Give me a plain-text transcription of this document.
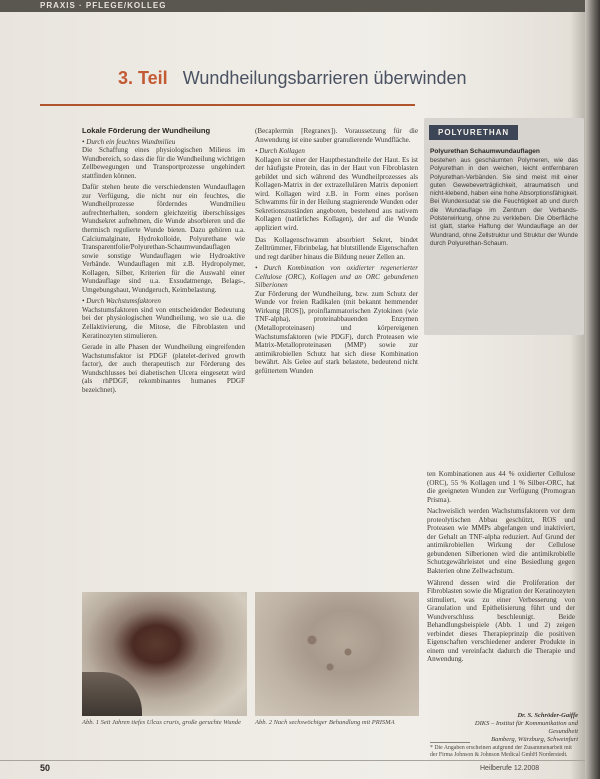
PRAXIS · PFLEGE/KOLLEG
3. Teil Wundheilungsbarrieren überwinden
Lokale Förderung der Wundheilung

• Durch ein feuchtes Wundmilieu
Die Schaffung eines physiologischen Milieus im Wundbereich, so dass die für die Wundheilung wichtigen Zellbewegungen und Transportprozesse ungehindert stattfinden können.

Dafür stehen heute die verschiedensten Wundauflagen zur Verfügung, die nicht nur ein feuchtes, die Wundheilprozesse förderndes Wundmilieu aufrechterhalten, sondern gleichzeitig überschüssiges Wundsekret aufnehmen, die Wunde absorbieren und die thermisch regulierte Wunde bieten. Dazu gehören u.a. Calciumalginate, Hydrokolloide, Polyurethane wie Transparentfolie/Polyurethan-Schaumwundauflagen sowie sonstige Wundauflagen wie Hydroaktive Verbände. Wundauflagen mit z.B. Hydropolymer, Kollagen, Silber, Kriterien für die Auswahl einer Wundauflage sind u.a. Exsudatmenge, Belags-, Umgebungshaut, Wundgeruch, Keimbelastung.

• Durch Wachstumsfaktoren
Wachstumsfaktoren sind von entscheidender Bedeutung bei der physiologischen Wundheilung, wo sie u.a. die Zellaktivierung, die Mitose, die Fibroblasten und Keratinozyten stimulieren.

Gerade in alle Phasen der Wundheilung eingreifenden Wachstumsfaktor ist PDGF (platelet-derived growth factor), der auch therapeutisch zur Förderung des Wundschlusses bei diabetischen Ulcera eingesetzt wird (als rhPDGF, rekombinantes humanes PDGF bezeichnet).

(Becaplermin [Regranex]). Voraussetzung für die Anwendung ist eine sauber granulierende Wundfläche.

• Durch Kollagen
Kollagen ist einer der Hauptbestandteile der Haut. Es ist der häufigste Protein, das in der Haut von Fibroblasten gebildet und sich während des Wundheilprozesses als Kollagen-Matrix in der extrazellulären Matrix deponiert wird. Kollagen wird z.B. in Form eines porösen Schwamms für in der Heilung stagnierende Wunden oder Sekretionszuständen angeboten, bestehend aus nativem Kollagen (natürliches Kollagen), der auf die Wunde appliziert wird.

Das Kollagenschwamm absorbiert Sekret, bindet Zelltrümmer, Fibrinbelag, hat blutstillende Eigenschaften und regt darüber hinaus die Bildung neuer Zellen an.

• Durch Kombination von oxidierter regenerierter Cellulose (ORC), Kollagen und an ORC gebundenen Silberionen
Zur Förderung der Wundheilung, bzw. zum Schutz der Wunde vor freien Radikalen (mit bekannt hemmender Wirkung [ROS]), proinflammatorischen Zytokinen (wie TNF-alpha), proteinabbauenden Enzymen (Metalloproteinasen) und körpereigenen Wachstumsfaktoren (wie PDGF), durch Proteasen wie Matrix-Metalloproteinasen (MMP) sowie zur antimikrobiellen Schutz hat sich diese Kombination bewährt. Als Gelee auf stark belastete, bedeutend nicht gefüttertem Wunden

POLYURETHAN
Polyurethan Schaumwundauflagen
bestehen aus geschäumten Polymeren, wie das Polyurethan in den weichen, leicht entfernbaren Polyurethan-Verbänden. Sie sind meist mit einer guten Gewebeverträglichkeit, atraumatisch und nicht-klebend, haben eine hohe Absorptionsfähigkeit. Bei Wundexsudat sie die Feuchtigkeit ab und durch die Wundauflage im Zentrum der Verbands-Polsterwirkung, ohne zu verkleben. Die Oberfläche ist glatt, starke Haftung der Wundauflage an der Wundrand, ohne Zellstruktur und Struktur der Wunde durch Polyurethan-Schaum.

ten Kombinationen aus 44 % oxidierter Cellulose (ORC), 55 % Kollagen und 1 % Silber-ORC, hat die geeigneten Wunden zur Verfügung (Promogran Prisma).

Nachweislich werden Wachstumsfaktoren vor dem proteolytischen Abbau geschützt, ROS und Proteasen wie MMPs abgefangen und inaktiviert, der Gehalt an TNF-alpha reduziert. Auf Grund der antimikrobiellen Wirkung der Cellulose gebundenen Silberionen wird die antimikrobielle Schutzgewährleistet und eine Besiedlung gegen Bakterien ohne Zellwachstum.

Während dessen wird die Proliferation der Fibroblasten sowie die Migration der Keratinozyten stimuliert, was zu einer Verbesserung von Granulation und Epithelisierung führt und der Wundverschluss beschleunigt. Beide Behandlungsbeispiele (Abb. 1 und 2) zeigen verbindet dieses Therapieprinzip die positiven Eigenschaften verschiedener anderer Produkte in einem und vereinfacht dadurch die Therapie und Anwendung.

Abb. 1 Seit Jahren tiefes Ulcus cruris, große geruchte Wunde	Abb. 2 Nach sechswöchiger Behandlung mit PRISMA
Dr. S. Schröder-Gaiffe
DIKS – Institut für Kommunikation und Gesundheit
Bamberg, Würzburg, Schweinfurt
* Die Angaben erscheinen aufgrund der Zusammenarbeit mit der Firma Johnson & Johnson Medical GmbH Norderstedt.
50	Heilberufe 12.2008
